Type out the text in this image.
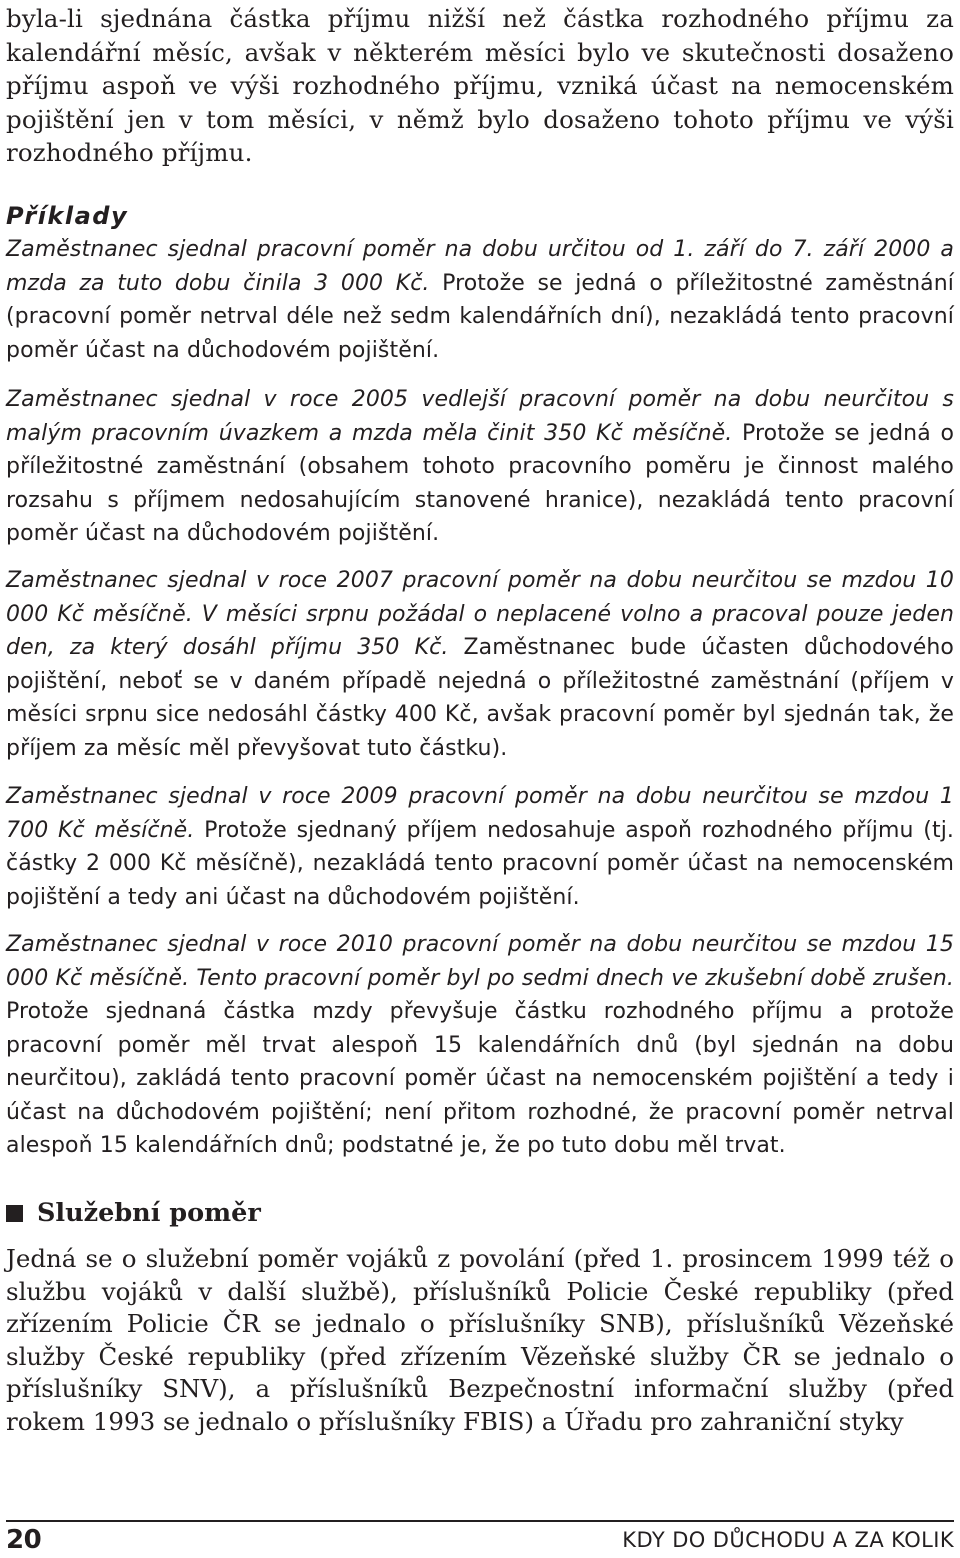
byla-li sjednána částka příjmu nižší než částka rozhodného příjmu za kalendářní měsíc, avšak v některém měsíci bylo ve skutečnosti dosaženo příjmu aspoň ve výši rozhodného příjmu, vzniká účast na nemocenském pojištění jen v tom měsíci, v němž bylo dosaženo tohoto příjmu ve výši rozhodného příjmu.

Příklady

Zaměstnanec sjednal pracovní poměr na dobu určitou od 1. září do 7. září 2000 a mzda za tuto dobu činila 3 000 Kč. Protože se jedná o příležitostné zaměstnání (pracovní poměr netrval déle než sedm kalendářních dní), nezakládá tento pracovní poměr účast na důchodovém pojištění.

Zaměstnanec sjednal v roce 2005 vedlejší pracovní poměr na dobu neurčitou s malým pracovním úvazkem a mzda měla činit 350 Kč měsíčně. Protože se jedná o příležitostné zaměstnání (obsahem tohoto pracovního poměru je činnost malého rozsahu s příjmem nedosahujícím stanovené hranice), nezakládá tento pracovní poměr účast na důchodovém pojištění.

Zaměstnanec sjednal v roce 2007 pracovní poměr na dobu neurčitou se mzdou 10 000 Kč měsíčně. V měsíci srpnu požádal o neplacené volno a pracoval pouze jeden den, za který dosáhl příjmu 350 Kč. Zaměstnanec bude účasten důchodového pojištění, neboť se v daném případě nejedná o příležitostné zaměstnání (příjem v měsíci srpnu sice nedosáhl částky 400 Kč, avšak pracovní poměr byl sjednán tak, že příjem za měsíc měl převyšovat tuto částku).

Zaměstnanec sjednal v roce 2009 pracovní poměr na dobu neurčitou se mzdou 1 700 Kč měsíčně. Protože sjednaný příjem nedosahuje aspoň rozhodného příjmu (tj. částky 2 000 Kč měsíčně), nezakládá tento pracovní poměr účast na nemocenském pojištění a tedy ani účast na důchodovém pojištění.

Zaměstnanec sjednal v roce 2010 pracovní poměr na dobu neurčitou se mzdou 15 000 Kč měsíčně. Tento pracovní poměr byl po sedmi dnech ve zkušební době zrušen. Protože sjednaná částka mzdy převyšuje částku rozhodného příjmu a protože pracovní poměr měl trvat alespoň 15 kalendářních dnů (byl sjednán na dobu neurčitou), zakládá tento pracovní poměr účast na nemocenském pojištění a tedy i účast na důchodovém pojištění; není přitom rozhodné, že pracovní poměr netrval alespoň 15 kalendářních dnů; podstatné je, že po tuto dobu měl trvat.

Služební poměr

Jedná se o služební poměr vojáků z povolání (před 1. prosincem 1999 též o službu vojáků v další službě), příslušníků Policie České republiky (před zřízením Policie ČR se jednalo o příslušníky SNB), příslušníků Vězeňské služby České republiky (před zřízením Vězeňské služby ČR se jednalo o příslušníky SNV), a příslušníků Bezpečnostní informační služby (před rokem 1993 se jednalo o příslušníky FBIS) a Úřadu pro zahraniční styky

20	KDY DO DŮCHODU A ZA KOLIK
